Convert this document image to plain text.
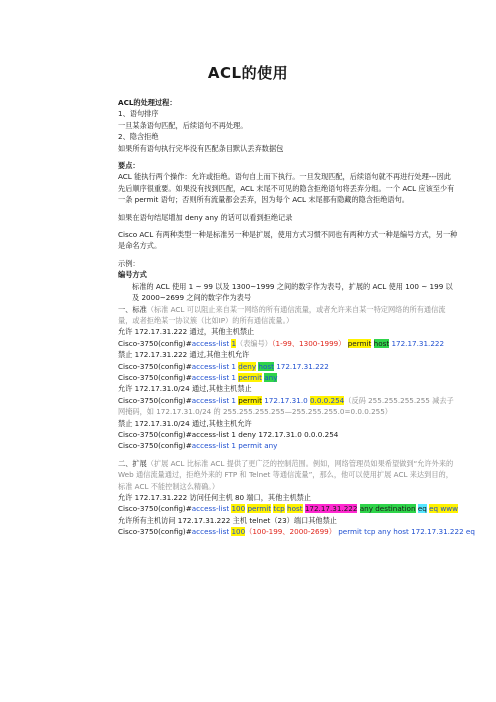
ACL的使用
ACL的处理过程：
1、语句排序
一旦某条语句匹配，后续语句不再处理。
2、隐含拒绝
如果所有语句执行完毕没有匹配条目默认丢弃数据包
要点：
ACL 能执行两个操作：允许或拒绝。语句自上而下执行。一旦发现匹配，后续语句就不再进行处理---因此先后顺序很重要。如果没有找到匹配，ACL 末尾不可见的隐含拒绝语句将丢弃分组。一个 ACL 应该至少有一条 permit 语句；否则所有流量都会丢弃，因为每个 ACL 末尾都有隐藏的隐含拒绝语句。
如果在语句结尾增加 deny any 的话可以看到拒绝记录
Cisco ACL 有两种类型一种是标准另一种是扩展，使用方式习惯不同也有两种方式一种是编号方式，另一种是命名方式。
示例：
编号方式
标准的 ACL 使用 1 ~ 99 以及 1300~1999 之间的数字作为表号，扩展的 ACL 使用 100 ~ 199 以及 2000~2699 之间的数字作为表号
一、标准（标准 ACL 可以阻止来自某一网络的所有通信流量，或者允许来自某一特定网络的所有通信流量，或者拒绝某一协议簇（比如IP）的所有通信流量。）
允许 172.17.31.222 通过，其他主机禁止
Cisco-3750(config)#access-list 1（表编号）（1-99、1300-1999） permit host 172.17.31.222
禁止 172.17.31.222 通过,其他主机允许
Cisco-3750(config)#access-list 1 deny host 172.17.31.222
Cisco-3750(config)#access-list 1 permit any
允许 172.17.31.0/24 通过,其他主机禁止
Cisco-3750(config)#access-list 1 permit 172.17.31.0 0.0.0.254（反码 255.255.255.255 减去子网掩码，如 172.17.31.0/24 的 255.255.255.255—255.255.255.0=0.0.0.255）
禁止 172.17.31.0/24 通过,其他主机允许
Cisco-3750(config)#access-list 1 deny 172.17.31.0 0.0.0.254
Cisco-3750(config)#access-list 1 permit any
二、扩展（扩展 ACL 比标准 ACL 提供了更广泛的控制范围。例如，网络管理员如果希望做到“允许外来的 Web 通信流量通过，拒绝外来的 FTP 和 Telnet 等通信流量”，那么，他可以使用扩展 ACL 来达到目的，标准 ACL 不能控制这么精确。）
允许 172.17.31.222 访问任何主机 80 端口，其他主机禁止
Cisco-3750(config)#access-list 100 permit tcp host 172.17.31.222 any destination eq eq www
允许所有主机访问 172.17.31.222 主机 telnet（23）端口其他禁止
Cisco-3750(config)#access-list 100（100-199、2000-2699） permit tcp any host 172.17.31.222 eq
